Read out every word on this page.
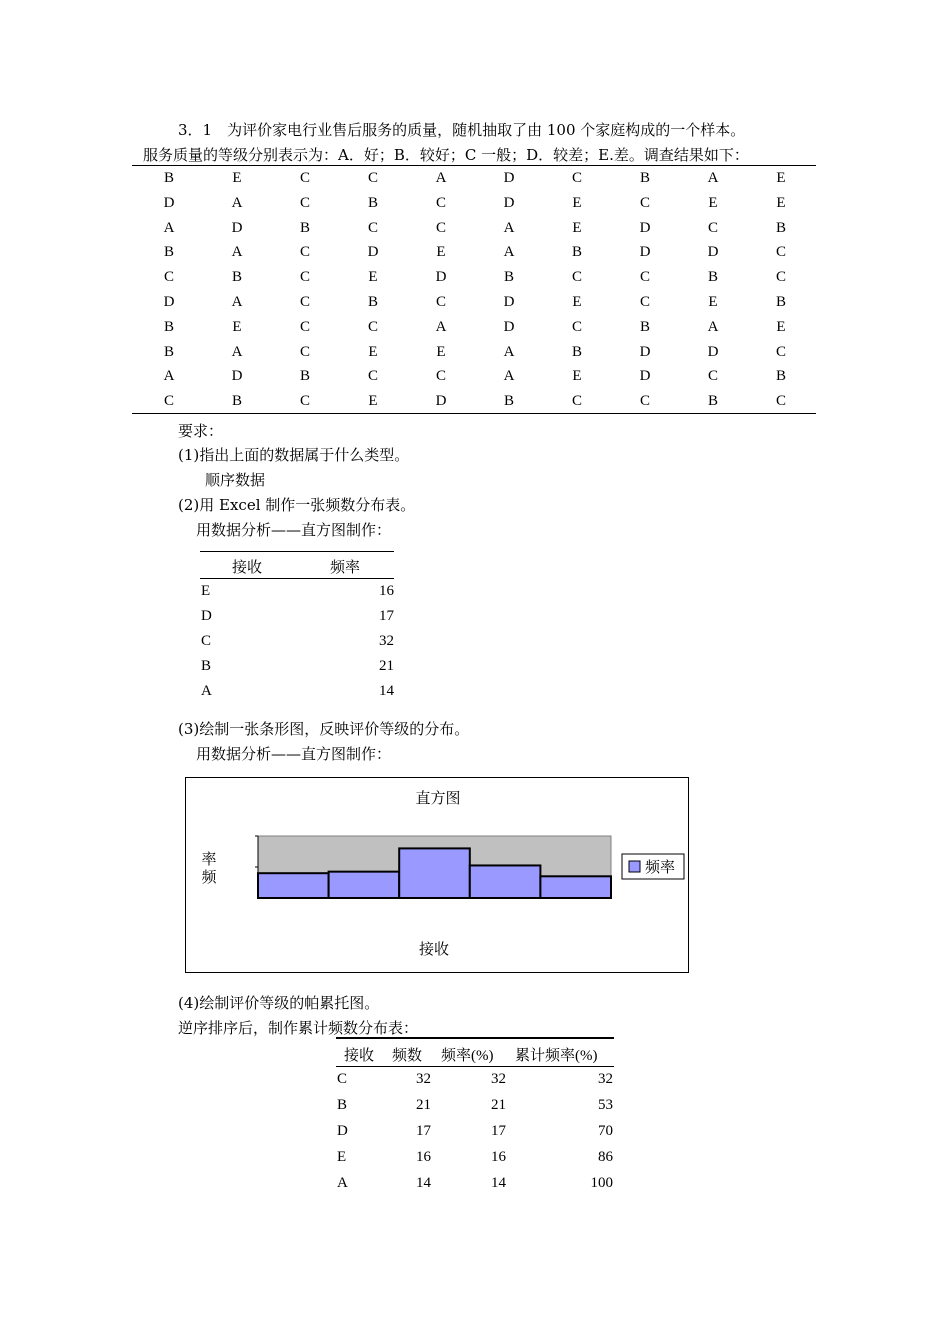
3．1　为评价家电行业售后服务的质量，随机抽取了由 100 个家庭构成的一个样本。
服务质量的等级分别表示为：A．好；B．较好；C 一般；D．较差；E.差。调查结果如下：
B	E	C	C	A	D	C	B	A	E
D	A	C	B	C	D	E	C	E	E
A	D	B	C	C	A	E	D	C	B
B	A	C	D	E	A	B	D	D	C
C	B	C	E	D	B	C	C	B	C
D	A	C	B	C	D	E	C	E	B
B	E	C	C	A	D	C	B	A	E
B	A	C	E	E	A	B	D	D	C
A	D	B	C	C	A	E	D	C	B
C	B	C	E	D	B	C	C	B	C
要求：
(1)指出上面的数据属于什么类型。
顺序数据
(2)用 Excel 制作一张频数分布表。
用数据分析——直方图制作：
接收	频率
E	16
D	17
C	32
B	21
A	14
(3)绘制一张条形图，反映评价等级的分布。
用数据分析——直方图制作：
直方图
率
频
接收
频率
(4)绘制评价等级的帕累托图。
逆序排序后，制作累计频数分布表：
接收 频数 频率(%) 累计频率(%)
C	32	32	32
B	21	21	53
D	17	17	70
E	16	16	86
A	14	14	100
